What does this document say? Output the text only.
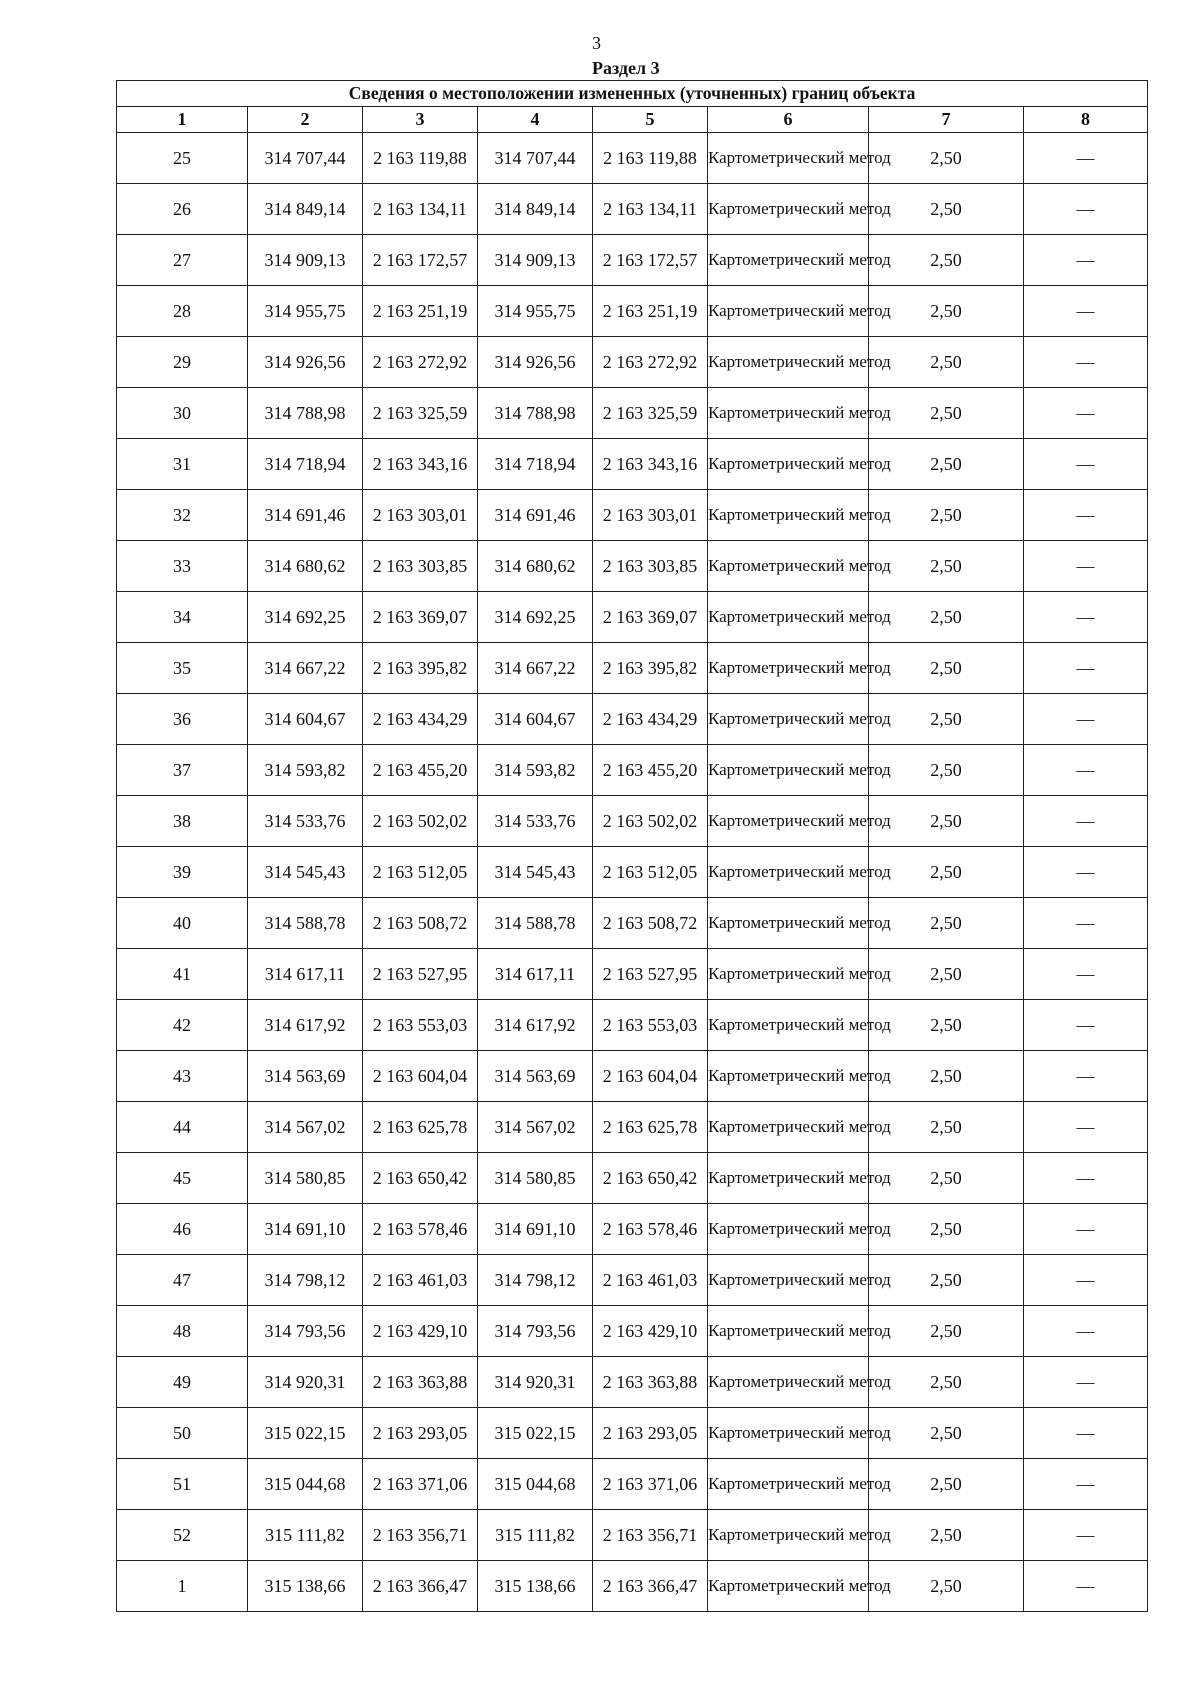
3
Раздел 3
Сведения о местоположении измененных (уточненных) границ объекта							
1	2	3	4	5	6	7	8
25	314 707,44	2 163 119,88	314 707,44	2 163 119,88	Картометрический метод	2,50	—
26	314 849,14	2 163 134,11	314 849,14	2 163 134,11	Картометрический метод	2,50	—
27	314 909,13	2 163 172,57	314 909,13	2 163 172,57	Картометрический метод	2,50	—
28	314 955,75	2 163 251,19	314 955,75	2 163 251,19	Картометрический метод	2,50	—
29	314 926,56	2 163 272,92	314 926,56	2 163 272,92	Картометрический метод	2,50	—
30	314 788,98	2 163 325,59	314 788,98	2 163 325,59	Картометрический метод	2,50	—
31	314 718,94	2 163 343,16	314 718,94	2 163 343,16	Картометрический метод	2,50	—
32	314 691,46	2 163 303,01	314 691,46	2 163 303,01	Картометрический метод	2,50	—
33	314 680,62	2 163 303,85	314 680,62	2 163 303,85	Картометрический метод	2,50	—
34	314 692,25	2 163 369,07	314 692,25	2 163 369,07	Картометрический метод	2,50	—
35	314 667,22	2 163 395,82	314 667,22	2 163 395,82	Картометрический метод	2,50	—
36	314 604,67	2 163 434,29	314 604,67	2 163 434,29	Картометрический метод	2,50	—
37	314 593,82	2 163 455,20	314 593,82	2 163 455,20	Картометрический метод	2,50	—
38	314 533,76	2 163 502,02	314 533,76	2 163 502,02	Картометрический метод	2,50	—
39	314 545,43	2 163 512,05	314 545,43	2 163 512,05	Картометрический метод	2,50	—
40	314 588,78	2 163 508,72	314 588,78	2 163 508,72	Картометрический метод	2,50	—
41	314 617,11	2 163 527,95	314 617,11	2 163 527,95	Картометрический метод	2,50	—
42	314 617,92	2 163 553,03	314 617,92	2 163 553,03	Картометрический метод	2,50	—
43	314 563,69	2 163 604,04	314 563,69	2 163 604,04	Картометрический метод	2,50	—
44	314 567,02	2 163 625,78	314 567,02	2 163 625,78	Картометрический метод	2,50	—
45	314 580,85	2 163 650,42	314 580,85	2 163 650,42	Картометрический метод	2,50	—
46	314 691,10	2 163 578,46	314 691,10	2 163 578,46	Картометрический метод	2,50	—
47	314 798,12	2 163 461,03	314 798,12	2 163 461,03	Картометрический метод	2,50	—
48	314 793,56	2 163 429,10	314 793,56	2 163 429,10	Картометрический метод	2,50	—
49	314 920,31	2 163 363,88	314 920,31	2 163 363,88	Картометрический метод	2,50	—
50	315 022,15	2 163 293,05	315 022,15	2 163 293,05	Картометрический метод	2,50	—
51	315 044,68	2 163 371,06	315 044,68	2 163 371,06	Картометрический метод	2,50	—
52	315 111,82	2 163 356,71	315 111,82	2 163 356,71	Картометрический метод	2,50	—
1	315 138,66	2 163 366,47	315 138,66	2 163 366,47	Картометрический метод	2,50	—
